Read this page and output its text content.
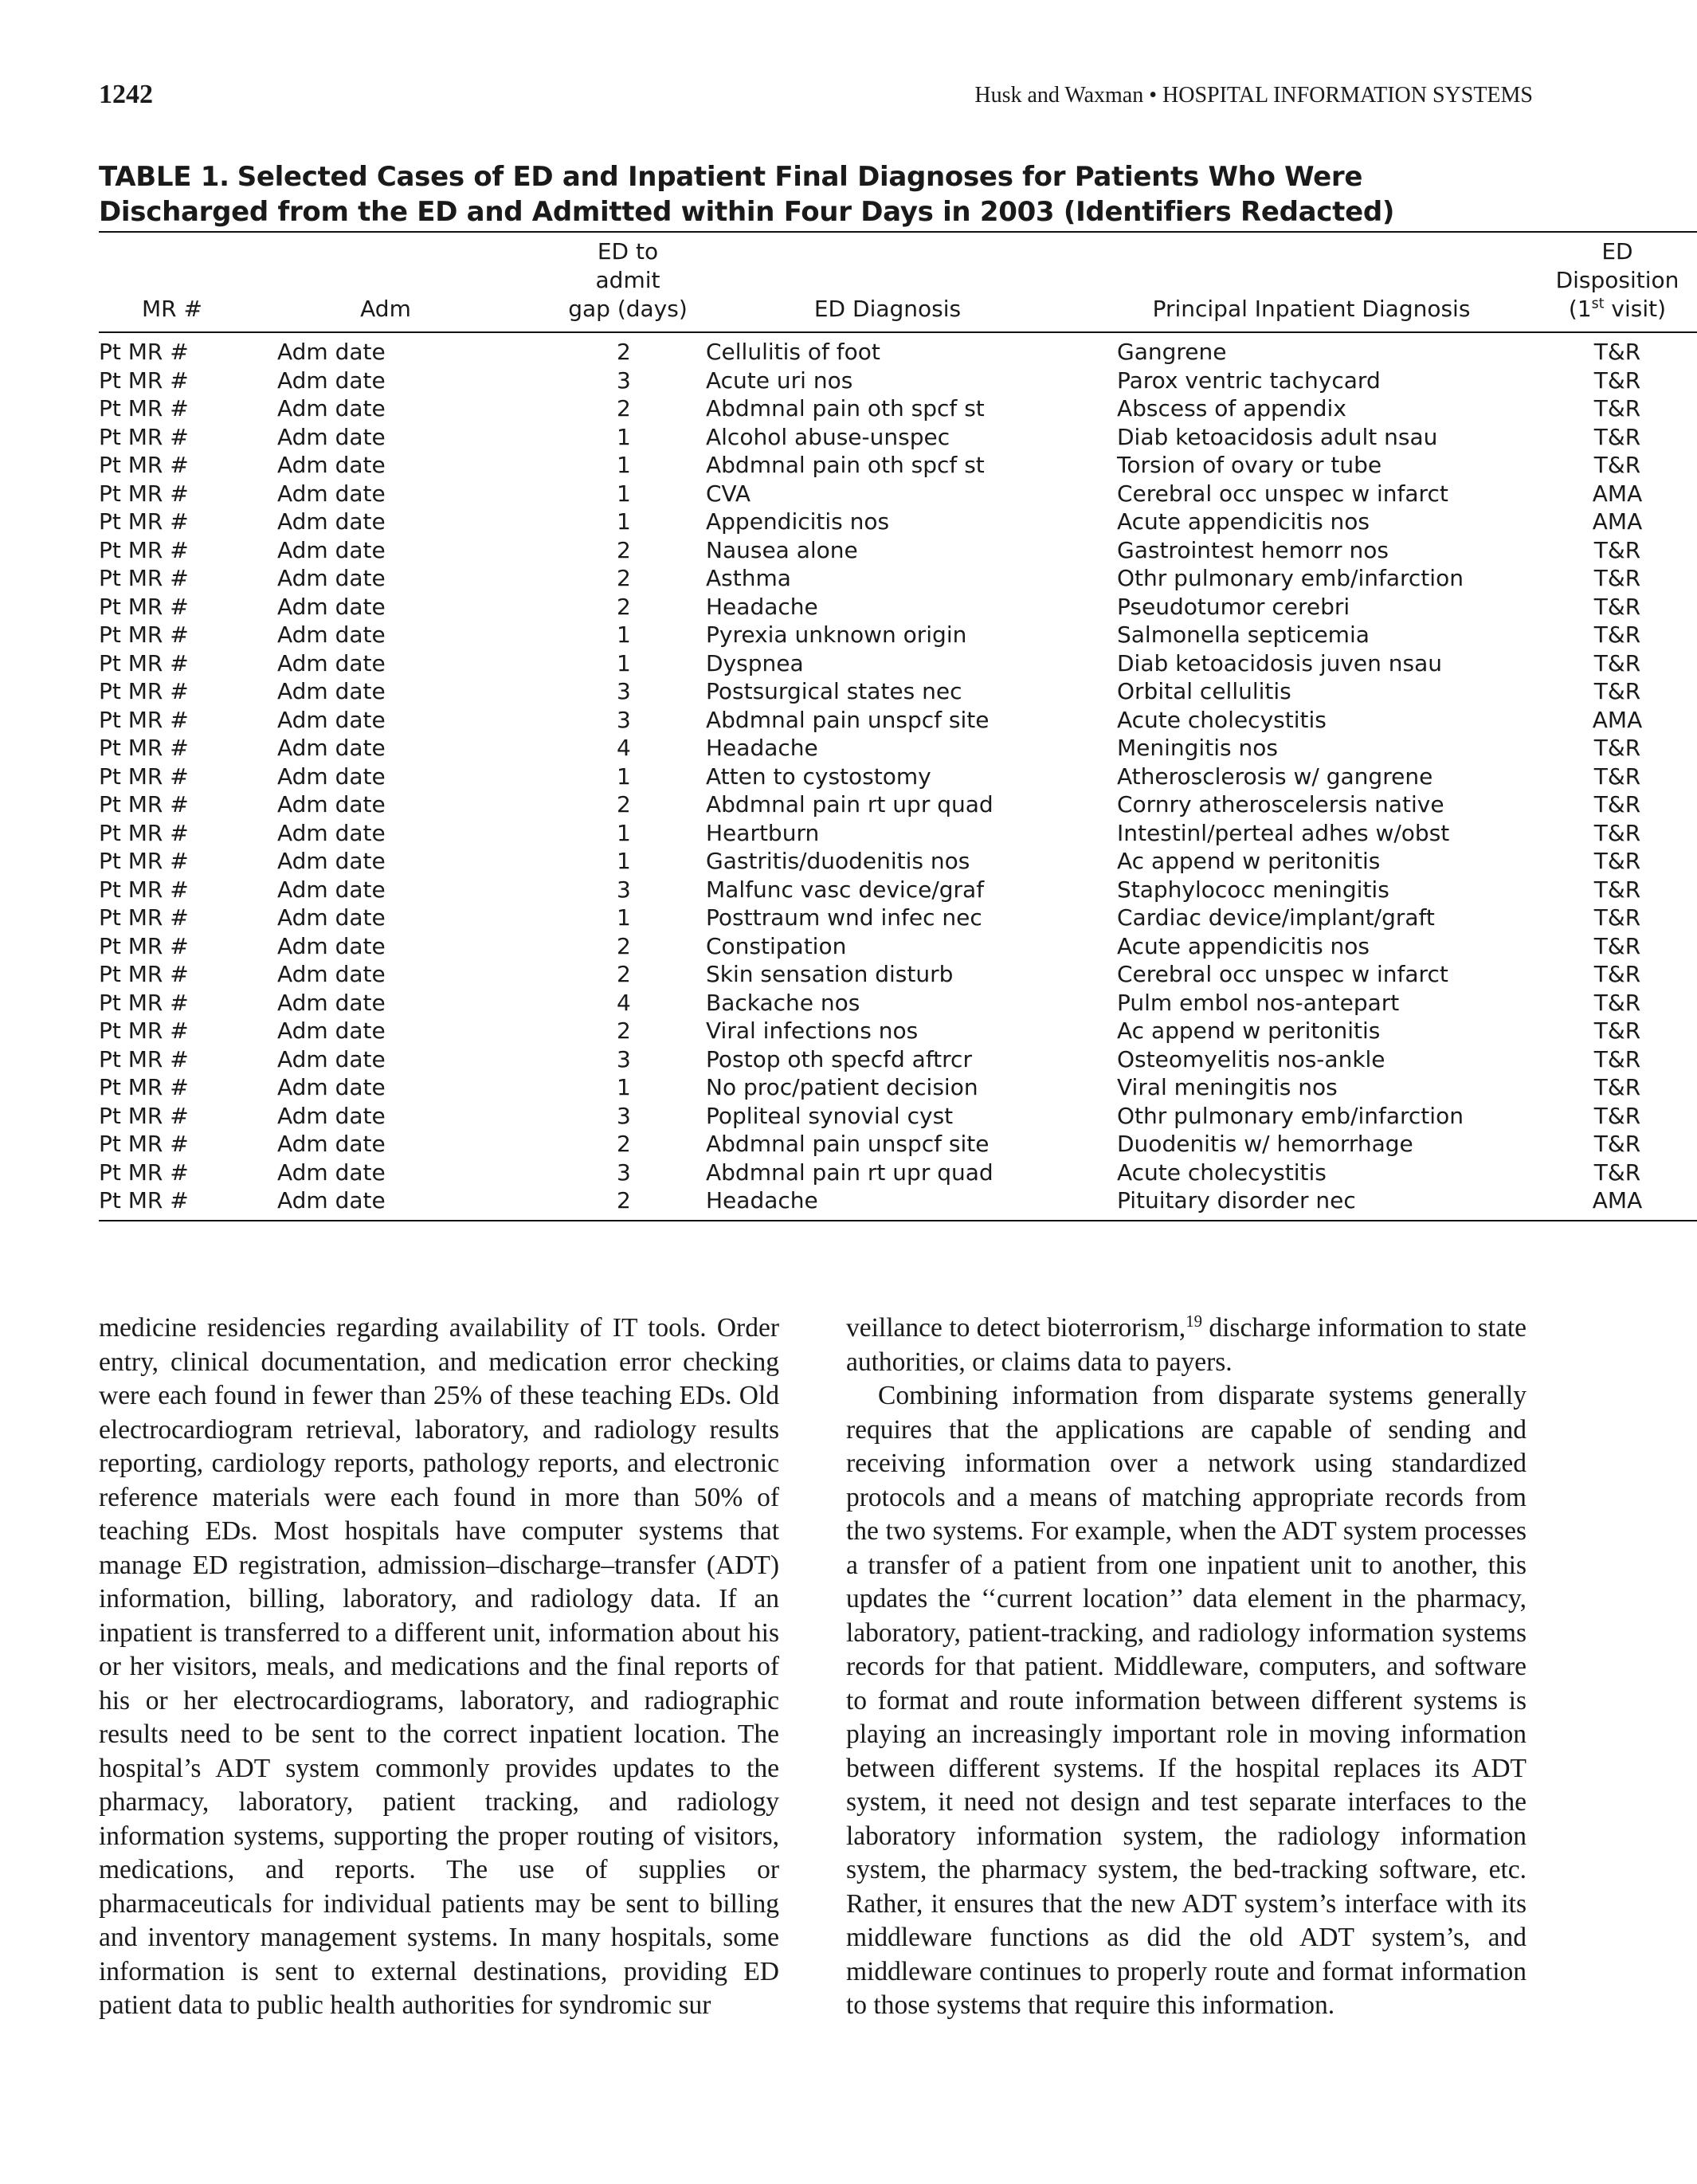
1242	Husk and Waxman • HOSPITAL INFORMATION SYSTEMS
TABLE 1. Selected Cases of ED and Inpatient Final Diagnoses for Patients Who Were Discharged from the ED and Admitted within Four Days in 2003 (Identifiers Redacted)
MR #	Adm	ED to
admit
gap (days)	ED Diagnosis	Principal Inpatient Diagnosis	ED
Disposition
(1st visit)

Pt MR #	Adm date	2	Cellulitis of foot	Gangrene	T&R
Pt MR #	Adm date	3	Acute uri nos	Parox ventric tachycard	T&R
Pt MR #	Adm date	2	Abdmnal pain oth spcf st	Abscess of appendix	T&R
Pt MR #	Adm date	1	Alcohol abuse-unspec	Diab ketoacidosis adult nsau	T&R
Pt MR #	Adm date	1	Abdmnal pain oth spcf st	Torsion of ovary or tube	T&R
Pt MR #	Adm date	1	CVA	Cerebral occ unspec w infarct	AMA
Pt MR #	Adm date	1	Appendicitis nos	Acute appendicitis nos	AMA
Pt MR #	Adm date	2	Nausea alone	Gastrointest hemorr nos	T&R
Pt MR #	Adm date	2	Asthma	Othr pulmonary emb/infarction	T&R
Pt MR #	Adm date	2	Headache	Pseudotumor cerebri	T&R
Pt MR #	Adm date	1	Pyrexia unknown origin	Salmonella septicemia	T&R
Pt MR #	Adm date	1	Dyspnea	Diab ketoacidosis juven nsau	T&R
Pt MR #	Adm date	3	Postsurgical states nec	Orbital cellulitis	T&R
Pt MR #	Adm date	3	Abdmnal pain unspcf site	Acute cholecystitis	AMA
Pt MR #	Adm date	4	Headache	Meningitis nos	T&R
Pt MR #	Adm date	1	Atten to cystostomy	Atherosclerosis w/ gangrene	T&R
Pt MR #	Adm date	2	Abdmnal pain rt upr quad	Cornry atheroscelersis native	T&R
Pt MR #	Adm date	1	Heartburn	Intestinl/perteal adhes w/obst	T&R
Pt MR #	Adm date	1	Gastritis/duodenitis nos	Ac append w peritonitis	T&R
Pt MR #	Adm date	3	Malfunc vasc device/graf	Staphylococc meningitis	T&R
Pt MR #	Adm date	1	Posttraum wnd infec nec	Cardiac device/implant/graft	T&R
Pt MR #	Adm date	2	Constipation	Acute appendicitis nos	T&R
Pt MR #	Adm date	2	Skin sensation disturb	Cerebral occ unspec w infarct	T&R
Pt MR #	Adm date	4	Backache nos	Pulm embol nos-antepart	T&R
Pt MR #	Adm date	2	Viral infections nos	Ac append w peritonitis	T&R
Pt MR #	Adm date	3	Postop oth specfd aftrcr	Osteomyelitis nos-ankle	T&R
Pt MR #	Adm date	1	No proc/patient decision	Viral meningitis nos	T&R
Pt MR #	Adm date	3	Popliteal synovial cyst	Othr pulmonary emb/infarction	T&R
Pt MR #	Adm date	2	Abdmnal pain unspcf site	Duodenitis w/ hemorrhage	T&R
Pt MR #	Adm date	3	Abdmnal pain rt upr quad	Acute cholecystitis	T&R
Pt MR #	Adm date	2	Headache	Pituitary disorder nec	AMA

medicine residencies regarding availability of IT tools. Order entry, clinical documentation, and medication error checking were each found in fewer than 25% of these teaching EDs. Old electrocardiogram retrieval, laboratory, and radiology results reporting, cardiology reports, pathology reports, and electronic reference materials were each found in more than 50% of teaching EDs. Most hospitals have computer systems that manage ED registration, admission–discharge–transfer (ADT) information, billing, laboratory, and radiology data. If an inpatient is transferred to a different unit, information about his or her visitors, meals, and medications and the final reports of his or her electrocardiograms, laboratory, and radiographic results need to be sent to the correct inpatient location. The hospital’s ADT system commonly provides updates to the pharmacy, laboratory, patient tracking, and radiology information systems, supporting the proper routing of visitors, medications, and reports. The use of supplies or pharmaceuticals for individual patients may be sent to billing and inventory management systems. In many hospitals, some information is sent to external destinations, providing ED patient data to public health authorities for syndromic sur

veillance to detect bioterrorism,$^{19}$ discharge information to state authorities, or claims data to payers.

Combining information from disparate systems generally requires that the applications are capable of sending and receiving information over a network using standardized protocols and a means of matching appropriate records from the two systems. For example, when the ADT system processes a transfer of a patient from one inpatient unit to another, this updates the ‘‘current location’’ data element in the pharmacy, laboratory, patient-tracking, and radiology information systems records for that patient. Middleware, computers, and software to format and route information between different systems is playing an increasingly important role in moving information between different systems. If the hospital replaces its ADT system, it need not design and test separate interfaces to the laboratory information system, the radiology information system, the pharmacy system, the bed-tracking software, etc. Rather, it ensures that the new ADT system’s interface with its middleware functions as did the old ADT system’s, and middleware continues to properly route and format information to those systems that require this information.
